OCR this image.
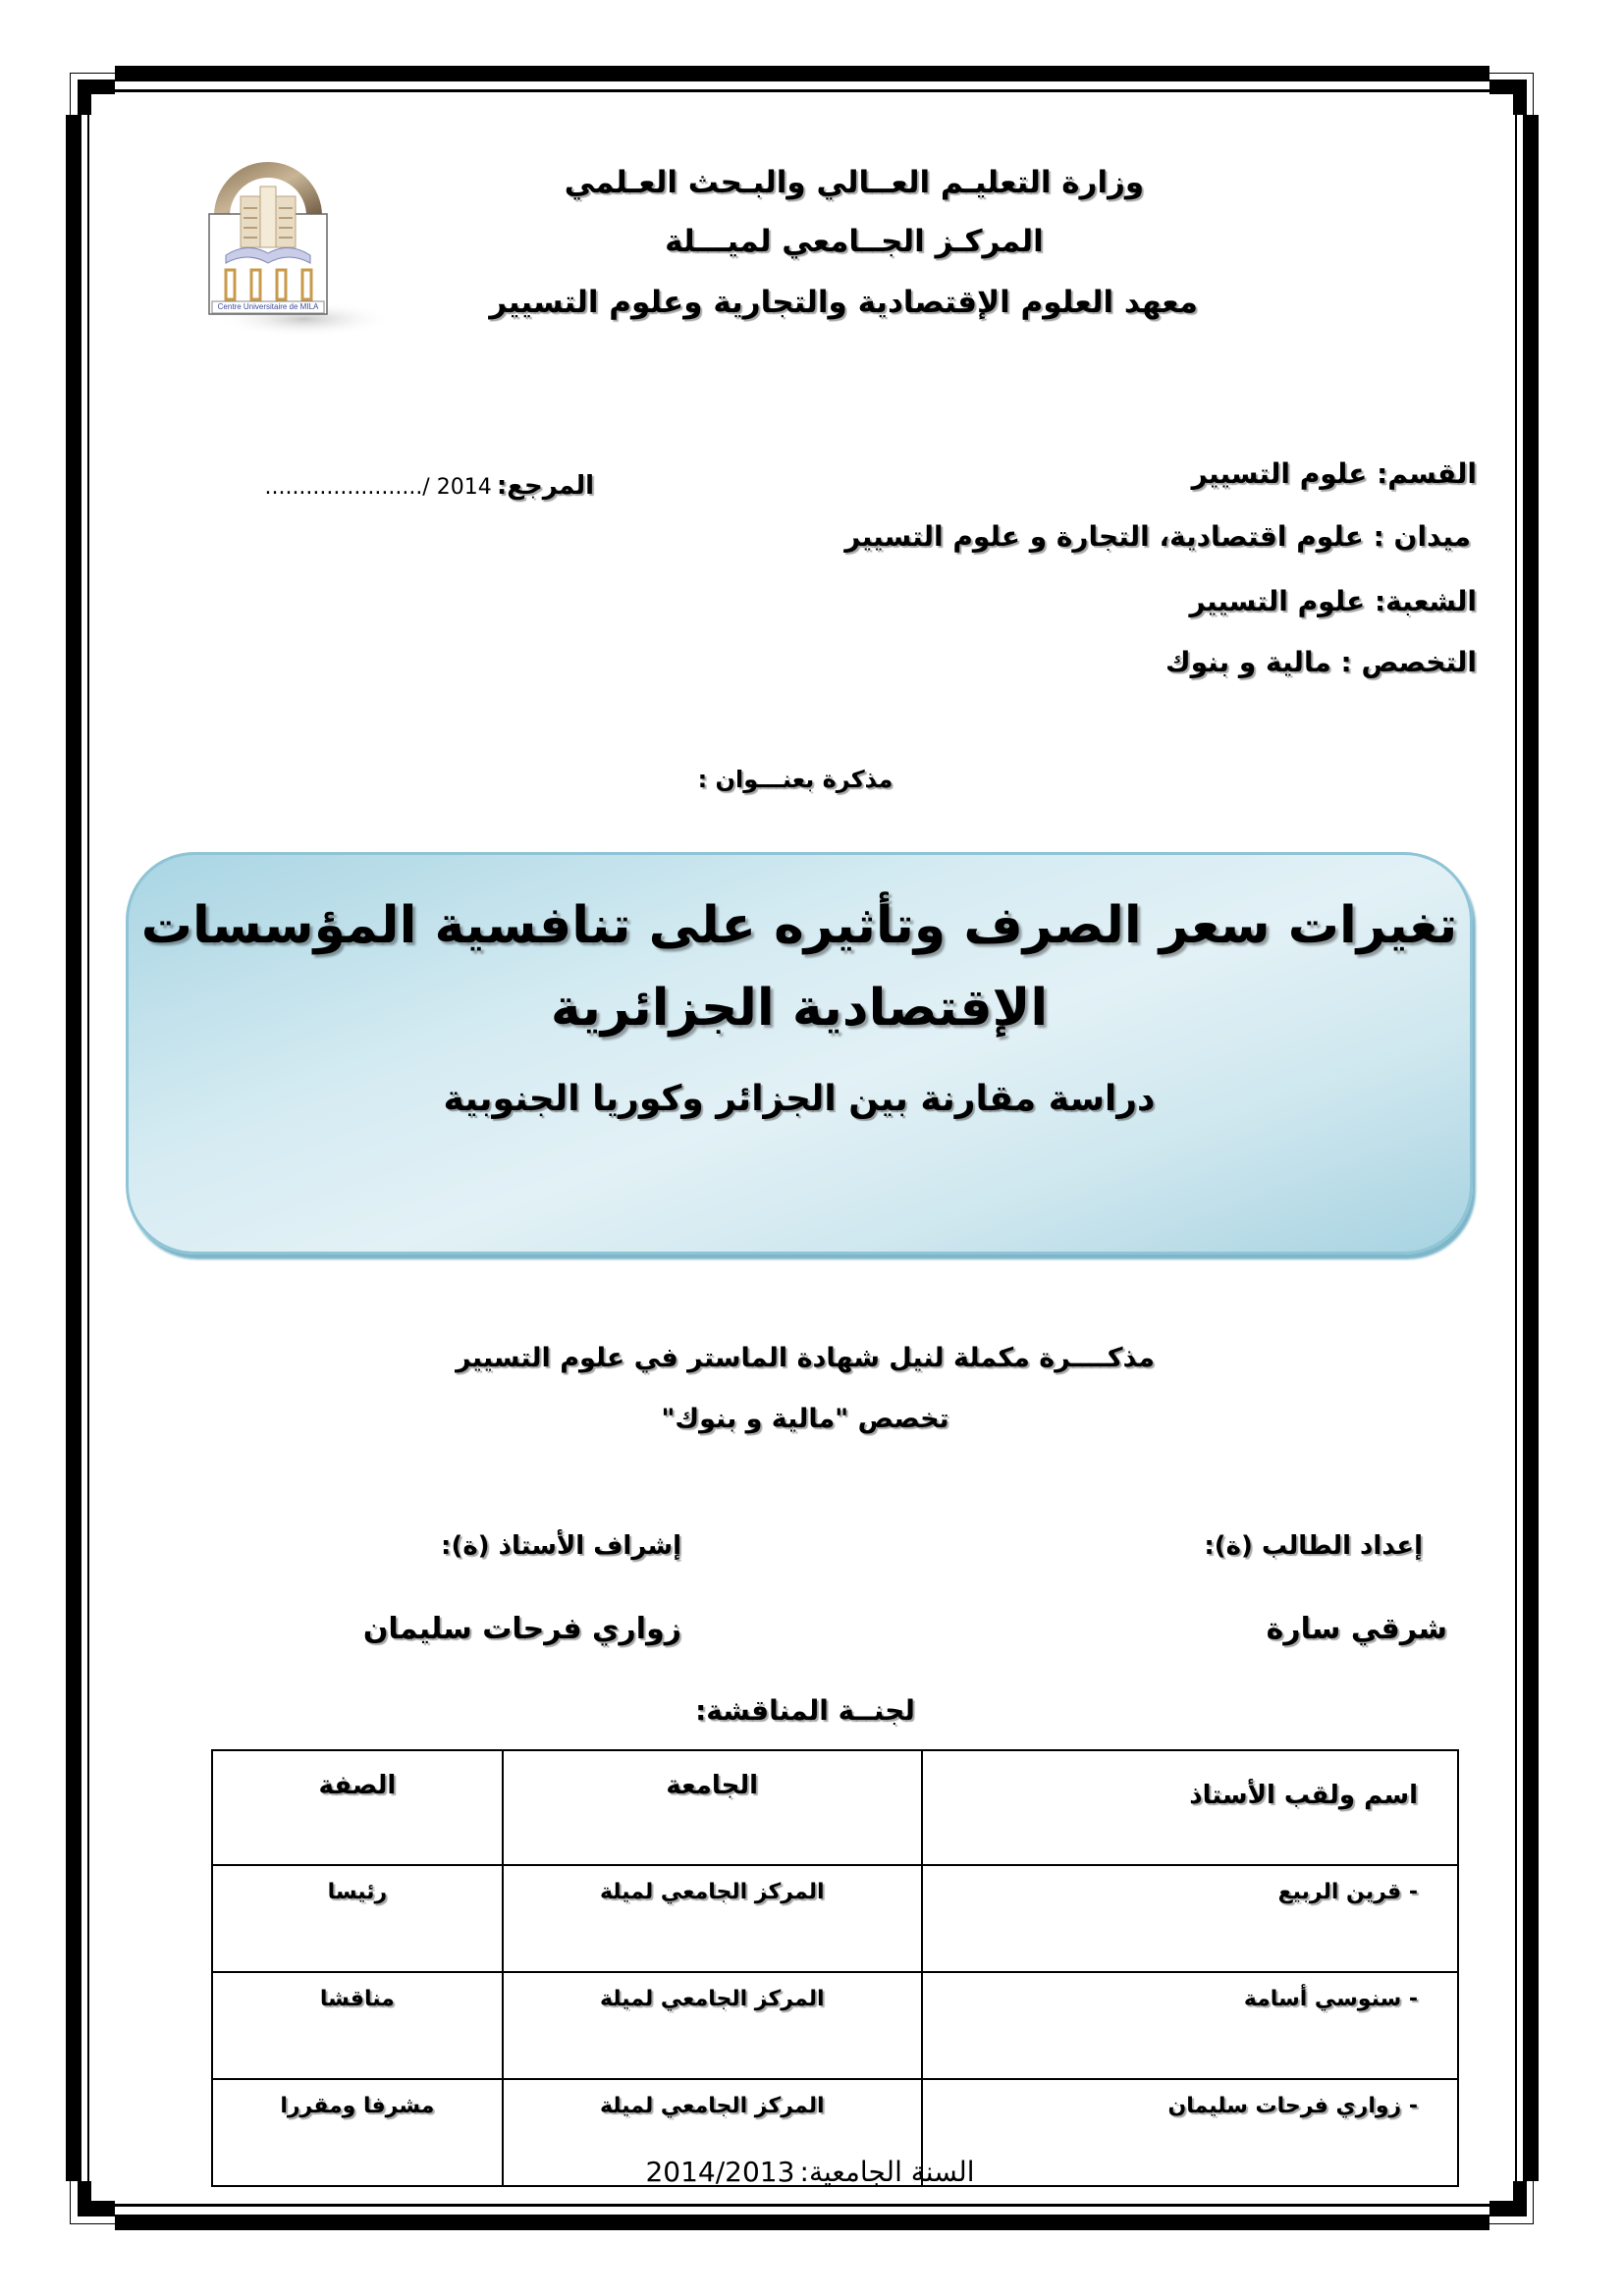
Centre Universitaire de MILA
وزارة التعليـم العــالي والبـحث العـلمي
المركـز الجــامعي لميـــلة
معهد العلوم الإقتصادية والتجارية وعلوم التسيير
القسم: علوم التسيير
ميدان : علوم اقتصادية، التجارة و علوم التسيير
الشعبة: علوم التسيير
التخصص : مالية و بنوك
المرجع: ......................./ 2014
مذكرة بعنـــوان :
تغيرات سعر الصرف وتأثيره على تنافسية المؤسسات
الإقتصادية الجزائرية
دراسة مقارنة بين الجزائر وكوريا الجنوبية
مذكــــرة مكملة لنيل شهادة الماستر في علوم التسيير
تخصص "مالية و بنوك"
إعداد الطالب (ة):
إشراف الأستاذ (ة):
شرقي سارة
زواري فرحات سليمان
لجنــة المناقشة:
اسم ولقب الأستاذ	الجامعة	الصفة
- قرين الربيع	المركز الجامعي لميلة	رئيسا
- سنوسي أسامة	المركز الجامعي لميلة	مناقشا
- زواري فرحات سليمان	المركز الجامعي لميلة	مشرفا ومقررا
السنة الجامعية: 2014/2013
